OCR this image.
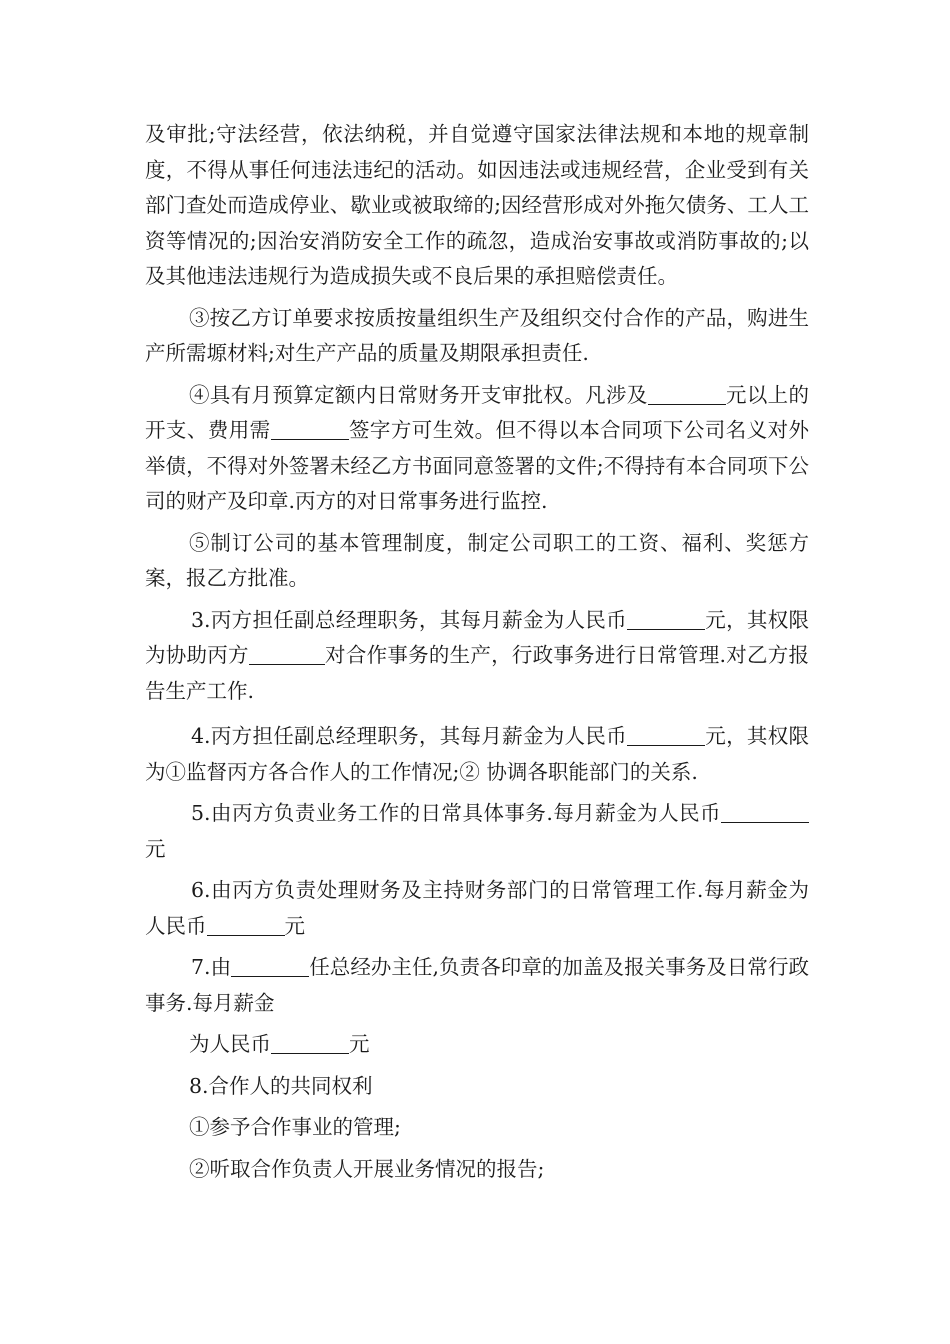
及审批;守法经营，依法纳税，并自觉遵守国家法律法规和本地的规章制度，不得从事任何违法违纪的活动。如因违法或违规经营，企业受到有关部门查处而造成停业、歇业或被取缔的;因经营形成对外拖欠债务、工人工资等情况的;因治安消防安全工作的疏忽，造成治安事故或消防事故的;以及其他违法违规行为造成损失或不良后果的承担赔偿责任。

③按乙方订单要求按质按量组织生产及组织交付合作的产品，购进生产所需塬材料;对生产产品的质量及期限承担责任.

④具有月预算定额内日常财务开支审批权。凡涉及	元以上的开支、费用需	签字方可生效。但不得以本合同项下公司名义对外举债，不得对外签署未经乙方书面同意签署的文件;不得持有本合同项下公司的财产及印章.丙方的对日常事务进行监控.

⑤制订公司的基本管理制度，制定公司职工的工资、福利、奖惩方案，报乙方批准。

3.丙方担任副总经理职务，其每月薪金为人民币	元，其权限为协助丙方	对合作事务的生产，行政事务进行日常管理.对乙方报告生产工作.

4.丙方担任副总经理职务，其每月薪金为人民币	元，其权限为①监督丙方各合作人的工作情况;② 协调各职能部门的关系.

5.由丙方负责业务工作的日常具体事务.每月薪金为人民币元

6.由丙方负责处理财务及主持财务部门的日常管理工作.每月薪金为人民币	元

7.由	任总经办主任,负责各印章的加盖及报关事务及日常行政事务.每月薪金

为人民币	元

8.合作人的共同权利

①参予合作事业的管理;

②听取合作负责人开展业务情况的报告;
